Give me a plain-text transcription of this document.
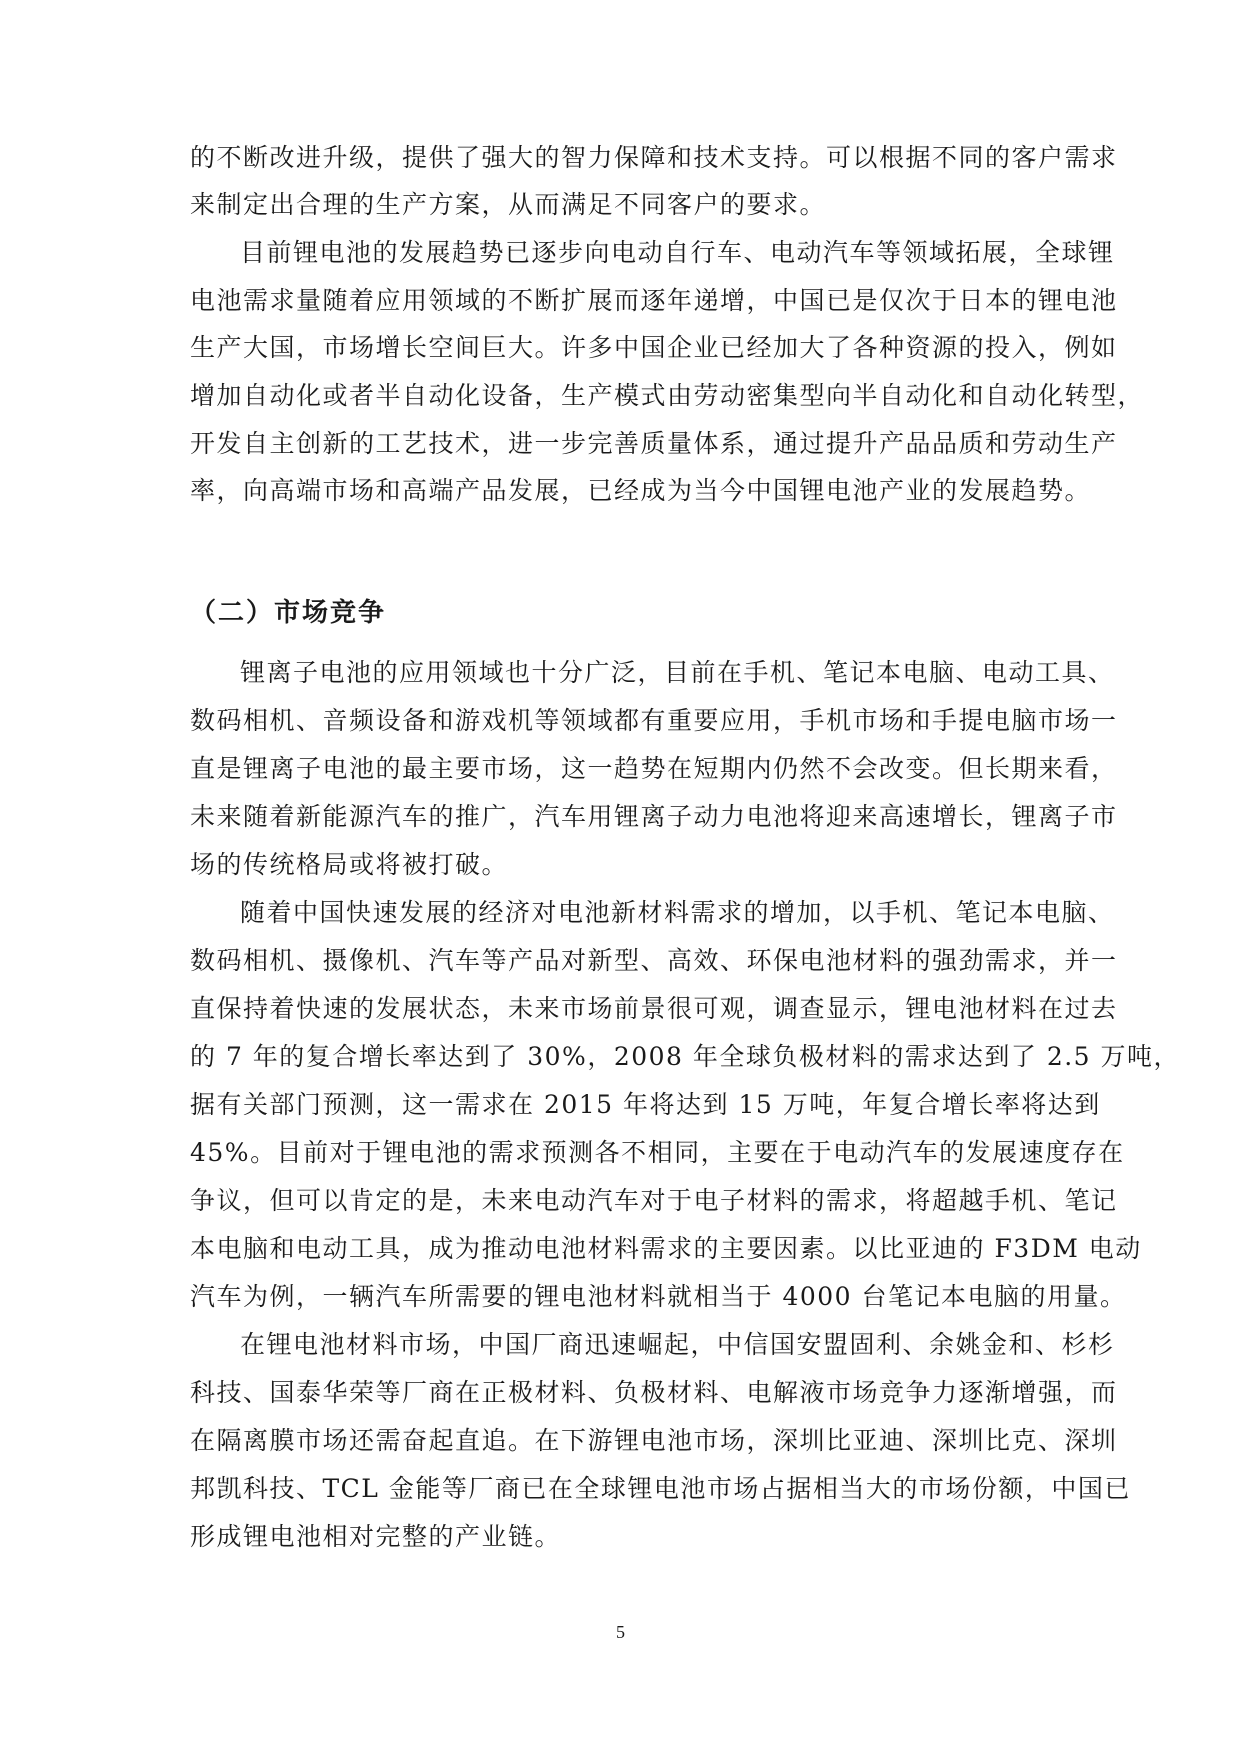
的不断改进升级，提供了强大的智力保障和技术支持。可以根据不同的客户需求
来制定出合理的生产方案，从而满足不同客户的要求。
目前锂电池的发展趋势已逐步向电动自行车、电动汽车等领域拓展，全球锂
电池需求量随着应用领域的不断扩展而逐年递增，中国已是仅次于日本的锂电池
生产大国，市场增长空间巨大。许多中国企业已经加大了各种资源的投入，例如
增加自动化或者半自动化设备，生产模式由劳动密集型向半自动化和自动化转型，
开发自主创新的工艺技术，进一步完善质量体系，通过提升产品品质和劳动生产
率，向高端市场和高端产品发展，已经成为当今中国锂电池产业的发展趋势。
（二）市场竞争
锂离子电池的应用领域也十分广泛，目前在手机、笔记本电脑、电动工具、
数码相机、音频设备和游戏机等领域都有重要应用，手机市场和手提电脑市场一
直是锂离子电池的最主要市场，这一趋势在短期内仍然不会改变。但长期来看，
未来随着新能源汽车的推广，汽车用锂离子动力电池将迎来高速增长，锂离子市
场的传统格局或将被打破。
随着中国快速发展的经济对电池新材料需求的增加，以手机、笔记本电脑、
数码相机、摄像机、汽车等产品对新型、高效、环保电池材料的强劲需求，并一
直保持着快速的发展状态，未来市场前景很可观，调查显示，锂电池材料在过去
的 7 年的复合增长率达到了 30%，2008 年全球负极材料的需求达到了 2.5 万吨，
据有关部门预测，这一需求在 2015 年将达到 15 万吨，年复合增长率将达到
45%。目前对于锂电池的需求预测各不相同，主要在于电动汽车的发展速度存在
争议，但可以肯定的是，未来电动汽车对于电子材料的需求，将超越手机、笔记
本电脑和电动工具，成为推动电池材料需求的主要因素。以比亚迪的 F3DM 电动
汽车为例，一辆汽车所需要的锂电池材料就相当于 4000 台笔记本电脑的用量。
在锂电池材料市场，中国厂商迅速崛起，中信国安盟固利、余姚金和、杉杉
科技、国泰华荣等厂商在正极材料、负极材料、电解液市场竞争力逐渐增强，而
在隔离膜市场还需奋起直追。在下游锂电池市场，深圳比亚迪、深圳比克、深圳
邦凯科技、TCL 金能等厂商已在全球锂电池市场占据相当大的市场份额，中国已
形成锂电池相对完整的产业链。
5
